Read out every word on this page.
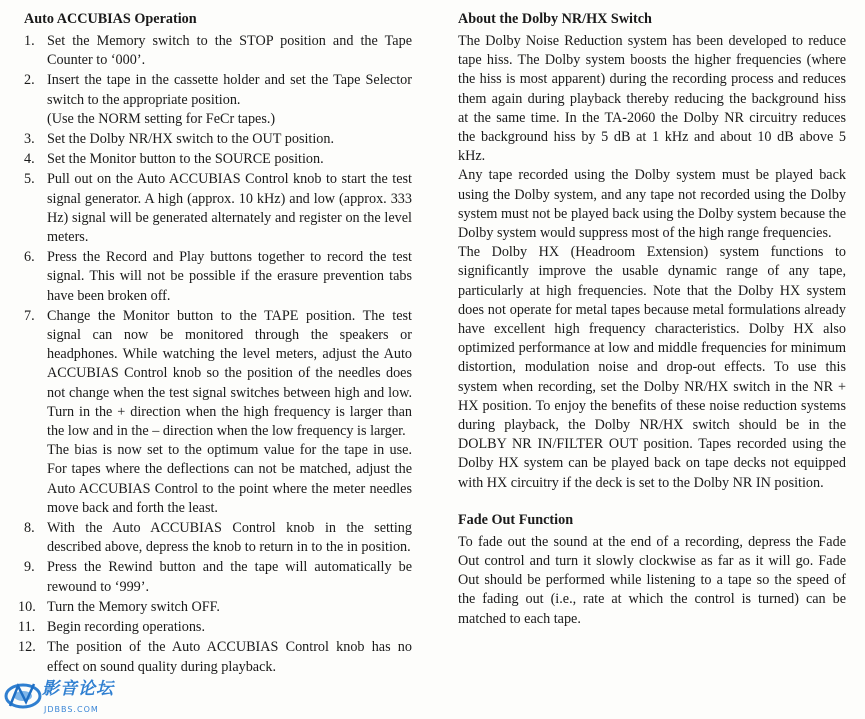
Auto ACCUBIAS Operation
1. Set the Memory switch to the STOP position and the Tape Counter to ‘000’.
2. Insert the tape in the cassette holder and set the Tape Selector switch to the appropriate position.
(Use the NORM setting for FeCr tapes.)
3. Set the Dolby NR/HX switch to the OUT position.
4. Set the Monitor button to the SOURCE position.
5. Pull out on the Auto ACCUBIAS Control knob to start the test signal generator. A high (approx. 10 kHz) and low (approx. 333 Hz) signal will be generated alternately and register on the level meters.
6. Press the Record and Play buttons together to record the test signal. This will not be possible if the erasure prevention tabs have been broken off.
7. Change the Monitor button to the TAPE position. The test signal can now be monitored through the speakers or headphones. While watching the level meters, adjust the Auto ACCUBIAS Control knob so the position of the needles does not change when the test signal switches between high and low. Turn in the + direction when the high frequency is larger than the low and in the – direction when the low frequency is larger.
The bias is now set to the optimum value for the tape in use. For tapes where the deflections can not be matched, adjust the Auto ACCUBIAS Control to the point where the meter needles move back and forth the least.
8. With the Auto ACCUBIAS Control knob in the setting described above, depress the knob to return in to the in position.
9. Press the Rewind button and the tape will automatically be rewound to ‘999’.
10. Turn the Memory switch OFF.
11. Begin recording operations.
12. The position of the Auto ACCUBIAS Control knob has no effect on sound quality during playback.
About the Dolby NR/HX Switch

The Dolby Noise Reduction system has been developed to reduce tape hiss. The Dolby system boosts the higher frequencies (where the hiss is most apparent) during the recording process and reduces them again during playback thereby reducing the background hiss at the same time. In the TA-2060 the Dolby NR circuitry reduces the background hiss by 5 dB at 1 kHz and about 10 dB above 5 kHz.

Any tape recorded using the Dolby system must be played back using the Dolby system, and any tape not recorded using the Dolby system must not be played back using the Dolby system because the Dolby system would suppress most of the high range frequencies.

The Dolby HX (Headroom Extension) system functions to significantly improve the usable dynamic range of any tape, particularly at high frequencies. Note that the Dolby HX system does not operate for metal tapes because metal formulations already have excellent high frequency characteristics. Dolby HX also optimized performance at low and middle frequencies for minimum distortion, modulation noise and drop-out effects. To use this system when recording, set the Dolby NR/HX switch in the NR + HX position. To enjoy the benefits of these noise reduction systems during playback, the Dolby NR/HX switch should be in the DOLBY NR IN/FILTER OUT position. Tapes recorded using the Dolby HX system can be played back on tape decks not equipped with HX circuitry if the deck is set to the Dolby NR IN position.

Fade Out Function

To fade out the sound at the end of a recording, depress the Fade Out control and turn it slowly clockwise as far as it will go. Fade Out should be performed while listening to a tape so the speed of the fading out (i.e., rate at which the control is turned) can be matched to each tape.

影音论坛
JDBBS.COM
